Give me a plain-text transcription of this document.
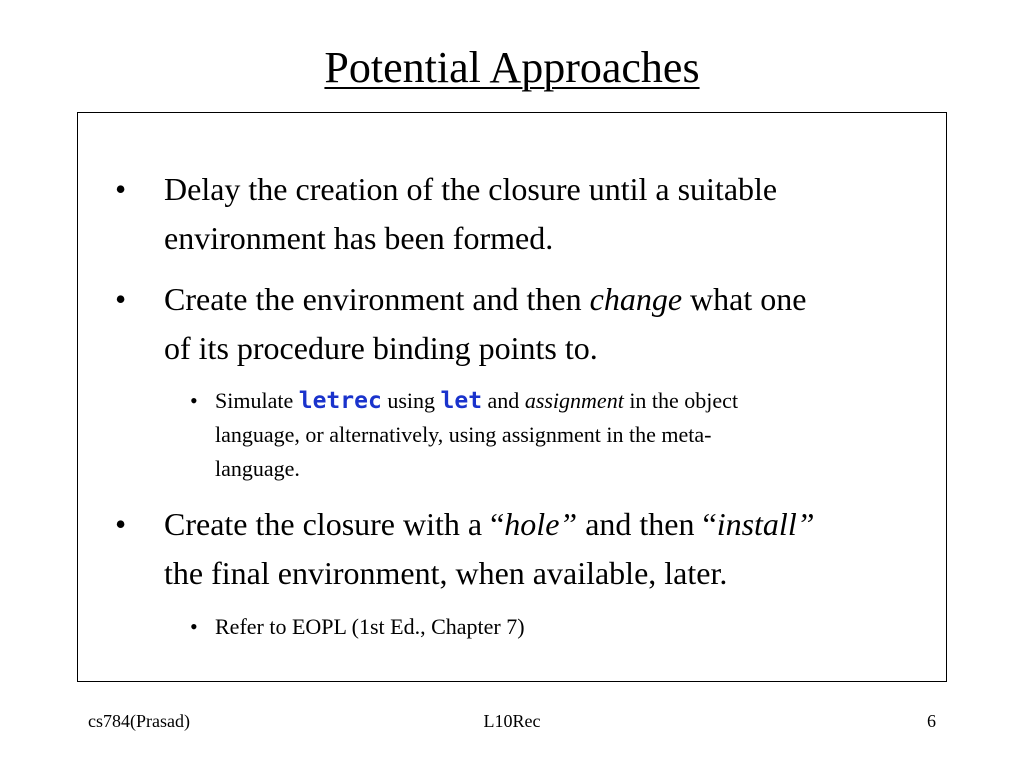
Potential Approaches
• Delay the creation of the closure until a suitable
environment has been formed.
• Create the environment and then change what one
of its procedure binding points to.
• Simulate letrec using let and assignment in the object
language, or alternatively, using assignment in the meta-
language.
• Create the closure with a “hole” and then “install”
the final environment, when available, later.
• Refer to EOPL (1st Ed., Chapter 7)
cs784(Prasad)	L10Rec	6
